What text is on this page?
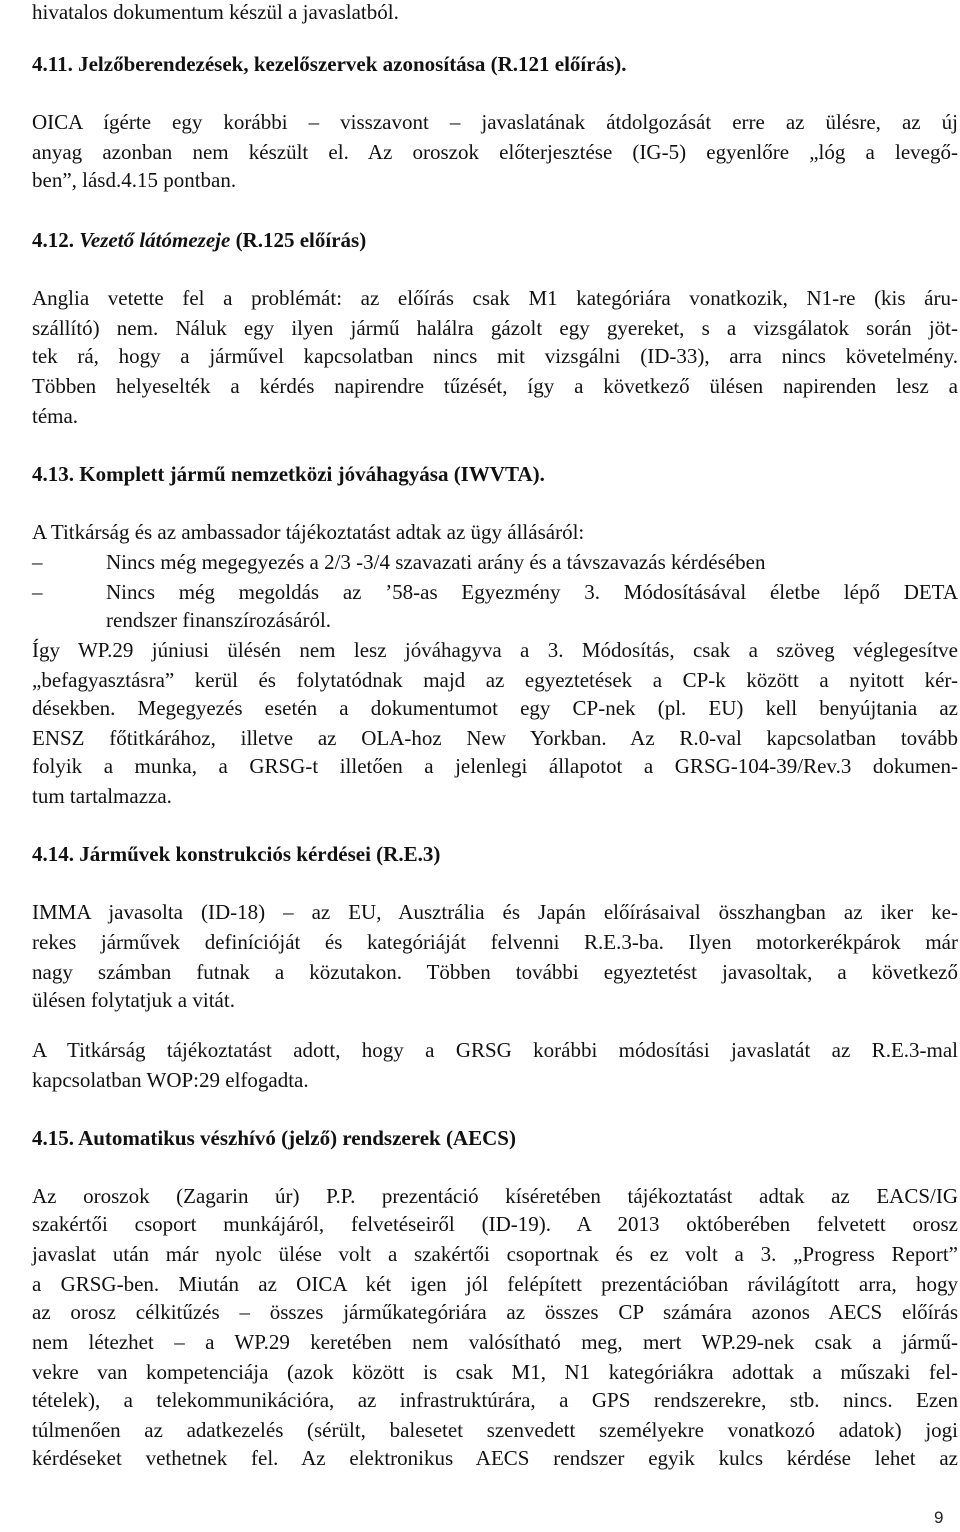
hivatalos dokumentum készül a javaslatból.
4.11. Jelzőberendezések, kezelőszervek azonosítása (R.121 előírás).
OICA ígérte egy korábbi – visszavont – javaslatának átdolgozását erre az ülésre, az új
anyag azonban nem készült el. Az oroszok előterjesztése (IG-5) egyenlőre „lóg a levegő-
ben”, lásd.4.15 pontban.
4.12. Vezető látómezeje (R.125 előírás)
Anglia vetette fel a problémát: az előírás csak M1 kategóriára vonatkozik, N1-re (kis áru-
szállító) nem. Náluk egy ilyen jármű halálra gázolt egy gyereket, s a vizsgálatok során jöt-
tek rá, hogy a járművel kapcsolatban nincs mit vizsgálni (ID-33), arra nincs követelmény.
Többen helyeselték a kérdés napirendre tűzését, így a következő ülésen napirenden lesz a
téma.
4.13. Komplett jármű nemzetközi jóváhagyása (IWVTA).
A Titkárság és az ambassador tájékoztatást adtak az ügy állásáról:
–	Nincs még megegyezés a 2/3 -3/4 szavazati arány és a távszavazás kérdésében
–	Nincs még megoldás az ’58-as Egyezmény 3. Módosításával életbe lépő DETA
rendszer finanszírozásáról.
Így WP.29 júniusi ülésén nem lesz jóváhagyva a 3. Módosítás, csak a szöveg véglegesítve
„befagyasztásra” kerül és folytatódnak majd az egyeztetések a CP-k között a nyitott kér-
désekben. Megegyezés esetén a dokumentumot egy CP-nek (pl. EU) kell benyújtania az
ENSZ főtitkárához, illetve az OLA-hoz New Yorkban. Az R.0-val kapcsolatban tovább
folyik a munka, a GRSG-t illetően a jelenlegi állapotot a GRSG-104-39/Rev.3 dokumen-
tum tartalmazza.
4.14. Járművek konstrukciós kérdései (R.E.3)
IMMA javasolta (ID-18) – az EU, Ausztrália és Japán előírásaival összhangban az iker ke-
rekes járművek definícióját és kategóriáját felvenni R.E.3-ba. Ilyen motorkerékpárok már
nagy számban futnak a közutakon. Többen további egyeztetést javasoltak, a következő
ülésen folytatjuk a vitát.
A Titkárság tájékoztatást adott, hogy a GRSG korábbi módosítási javaslatát az R.E.3-mal
kapcsolatban WOP:29 elfogadta.
4.15. Automatikus vészhívó (jelző) rendszerek (AECS)
Az oroszok (Zagarin úr) P.P. prezentáció kíséretében tájékoztatást adtak az EACS/IG
szakértői csoport munkájáról, felvetéseiről (ID-19). A 2013 októberében felvetett orosz
javaslat után már nyolc ülése volt a szakértői csoportnak és ez volt a 3. „Progress Report”
a GRSG-ben. Miután az OICA két igen jól felépített prezentációban rávilágított arra, hogy
az orosz célkitűzés – összes járműkategóriára az összes CP számára azonos AECS előírás
nem létezhet – a WP.29 keretében nem valósítható meg, mert WP.29-nek csak a jármű-
vekre van kompetenciája (azok között is csak M1, N1 kategóriákra adottak a műszaki fel-
tételek), a telekommunikációra, az infrastruktúrára, a GPS rendszerekre, stb. nincs. Ezen
túlmenően az adatkezelés (sérült, balesetet szenvedett személyekre vonatkozó adatok) jogi
kérdéseket vethetnek fel. Az elektronikus AECS rendszer egyik kulcs kérdése lehet az
9
